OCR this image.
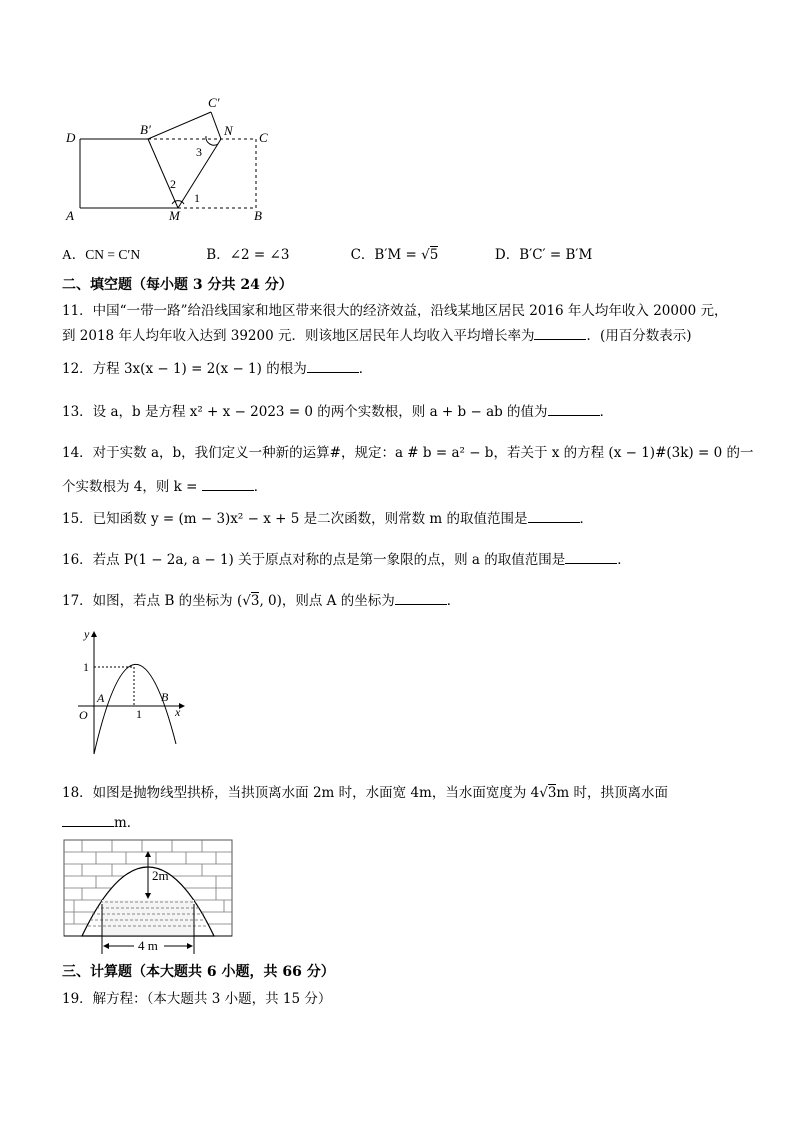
D
B′
C′
N C
A	M	B
1
2
3
A．CN = C′N	B．∠2 = ∠3	C．B′M = √5	D．B′C′ = B′M
二、填空题（每小题 3 分共 24 分）
11．中国“一带一路”给沿线国家和地区带来很大的经济效益，沿线某地区居民 2016 年人均年收入 20000 元，
到 2018 年人均年收入达到 39200 元．则该地区居民年人均收入平均增长率为	．(用百分数表示)
12．方程 3x(x − 1) = 2(x − 1) 的根为	．
13．设 a，b 是方程 x² + x − 2023 = 0 的两个实数根，则 a + b − ab 的值为	．
14．对于实数 a，b，我们定义一种新的运算#，规定：a # b = a² − b，若关于 x 的方程 (x − 1)#(3k) = 0 的一
个实数根为 4，则 k =	．
15．已知函数 y = (m − 3)x² − x + 5 是二次函数，则常数 m 的取值范围是	．
16．若点 P(1 − 2a, a − 1) 关于原点对称的点是第一象限的点，则 a 的取值范围是	．
17．如图，若点 B 的坐标为 (√3, 0)，则点 A 的坐标为	．
y
x
1
A	B
O	1
18．如图是抛物线型拱桥，当拱顶离水面 2m 时，水面宽 4m，当水面宽度为 4√3m 时，拱顶离水面
m．
2m
4 m
三、计算题（本大题共 6 小题，共 66 分）
19．解方程：（本大题共 3 小题，共 15 分）
